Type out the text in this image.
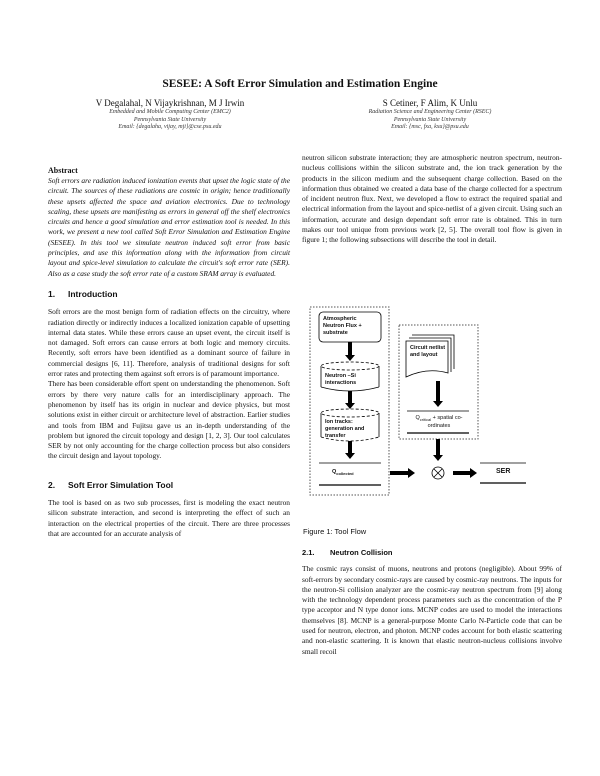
SESEE: A Soft Error Simulation and Estimation Engine
V Degalahal, N Vijaykrishnan, M J Irwin
Embedded and Mobile Computing Center (EMC2)
Pennsylvania State University
Email: {degalaha, vijay, mji}@cse.psu.edu
S Cetiner, F Alim, K Unlu
Radiation Science and Engineering Center (RSEC)
Pennsylvania State University
Email: {msc, fxa, kxu}@psu.edu
Abstract

Soft errors are radiation induced ionization events that upset the logic state of the circuit. The sources of these radiations are cosmic in origin; hence traditionally these upsets affected the space and aviation electronics. Due to technology scaling, these upsets are manifesting as errors in general off the shelf electronics circuits and hence a good simulation and error estimation tool is needed. In this work, we present a new tool called Soft Error Simulation and Estimation Engine (SESEE). In this tool we simulate neutron induced soft error from basic principles, and use this information along with the information from circuit layout and spice-level simulation to calculate the circuit's soft error rate (SER). Also as a case study the soft error rate of a custom SRAM array is evaluated.

1. Introduction

Soft errors are the most benign form of radiation effects on the circuitry, where radiation directly or indirectly induces a localized ionization capable of upsetting internal data states. While these errors cause an upset event, the circuit itself is not damaged. Soft errors can cause errors at both logic and memory circuits. Recently, soft errors have been identified as a dominant source of failure in commercial designs [6, 11]. Therefore, analysis of traditional designs for soft error rates and protecting them against soft errors is of paramount importance.

There has been considerable effort spent on understanding the phenomenon. Soft errors by there very nature calls for an interdisciplinary approach. The phenomenon by itself has its origin in nuclear and device physics, but most solutions exist in either circuit or architecture level of abstraction. Earlier studies and tools from IBM and Fujitsu gave us an in-depth understanding of the problem but ignored the circuit topology and design [1, 2, 3]. Our tool calculates SER by not only accounting for the charge collection process but also considers the circuit design and layout topology.

2. Soft Error Simulation Tool

The tool is based on as two sub processes, first is modeling the exact neutron silicon substrate interaction, and second is interpreting the effect of such an interaction on the electrical properties of the circuit. There are three processes that are accounted for an accurate analysis of

neutron silicon substrate interaction; they are atmospheric neutron spectrum, neutron-nucleus collisions within the silicon substrate and, the ion track generation by the products in the silicon medium and the subsequent charge collection. Based on the information thus obtained we created a data base of the charge collected for a spectrum of incident neutron flux. Next, we developed a flow to extract the required spatial and electrical information from the layout and spice-netlist of a given circuit. Using such an information, accurate and design dependant soft error rate is obtained. This in turn makes our tool unique from previous work [2, 5]. The overall tool flow is given in figure 1; the following subsections will describe the tool in detail.

Atmospheric Neutron Flux + substrate
Neutron –Si interactions
Ion tracks: generation and transfer
$Q_{collected}$
Circuit netlist and layout
$Q_{critical}$ + spatial co-ordinates
SER
Figure 1: Tool Flow
2.1. Neutron Collision

The cosmic rays consist of muons, neutrons and protons (negligible). About 99% of soft-errors by secondary cosmic-rays are caused by cosmic-ray neutrons. The inputs for the neutron-Si collision analyzer are the cosmic-ray neutron spectrum from [9] along with the technology dependent process parameters such as the concentration of the P type acceptor and N type donor ions. MCNP codes are used to model the interactions themselves [8]. MCNP is a general-purpose Monte Carlo N-Particle code that can be used for neutron, electron, and photon. MCNP codes account for both elastic scattering and non-elastic scattering. It is known that elastic neutron-nucleus collisions involve small recoil
